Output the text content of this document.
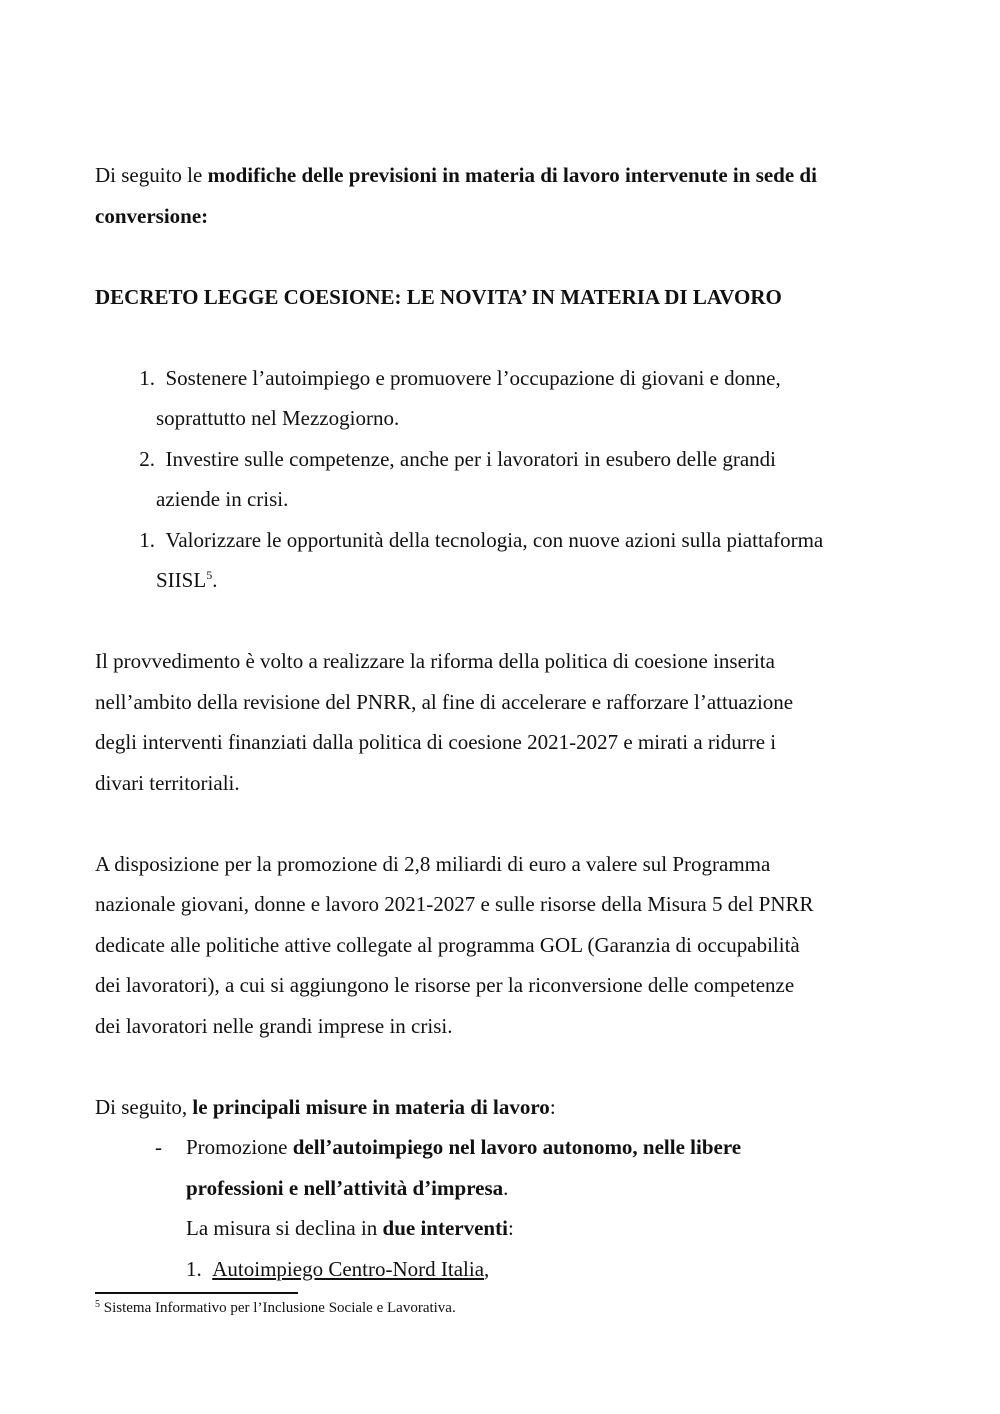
Di seguito le modifiche delle previsioni in materia di lavoro intervenute in sede di

conversione:

DECRETO LEGGE COESIONE: LE NOVITA’ IN MATERIA DI LAVORO

1. Sostenere l’autoimpiego e promuovere l’occupazione di giovani e donne,

soprattutto nel Mezzogiorno.

2. Investire sulle competenze, anche per i lavoratori in esubero delle grandi

aziende in crisi.

1. Valorizzare le opportunità della tecnologia, con nuove azioni sulla piattaforma

SIISL$^5$.

Il provvedimento è volto a realizzare la riforma della politica di coesione inserita

nell’ambito della revisione del PNRR, al fine di accelerare e rafforzare l’attuazione

degli interventi finanziati dalla politica di coesione 2021-2027 e mirati a ridurre i

divari territoriali.

A disposizione per la promozione di 2,8 miliardi di euro a valere sul Programma

nazionale giovani, donne e lavoro 2021-2027 e sulle risorse della Misura 5 del PNRR

dedicate alle politiche attive collegate al programma GOL (Garanzia di occupabilità

dei lavoratori), a cui si aggiungono le risorse per la riconversione delle competenze

dei lavoratori nelle grandi imprese in crisi.

Di seguito, le principali misure in materia di lavoro:

- Promozione dell’autoimpiego nel lavoro autonomo, nelle libere

professioni e nell’attività d’impresa.

La misura si declina in due interventi:

1. Autoimpiego Centro-Nord Italia,

$^5$ Sistema Informativo per l’Inclusione Sociale e Lavorativa.
